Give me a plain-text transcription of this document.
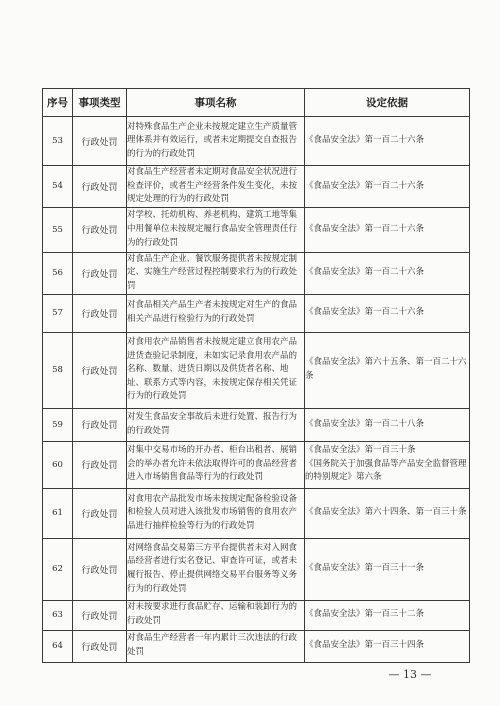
序号	事项类型	事项名称	设定依据
53	行政处罚	对特殊食品生产企业未按规定建立生产质量管理体系并有效运行，或者未定期提交自查报告的行为的行政处罚	《食品安全法》第一百二十六条
54	行政处罚	对食品生产经营者未定期对食品安全状况进行检查评价，或者生产经营条件发生变化，未按规定处理的行为的行政处罚	《食品安全法》第一百二十六条
55	行政处罚	对学校、托幼机构、养老机构、建筑工地等集中用餐单位未按规定履行食品安全管理责任行为的行政处罚	《食品安全法》第一百二十六条
56	行政处罚	对食品生产企业、餐饮服务提供者未按规定制定、实施生产经营过程控制要求行为的行政处罚	《食品安全法》第一百二十六条
57	行政处罚	对食品相关产品生产者未按规定对生产的食品相关产品进行检验行为的行政处罚	《食品安全法》第一百二十六条
58	行政处罚	对食用农产品销售者未按规定建立食用农产品进货查验记录制度，未如实记录食用农产品的名称、数量、进货日期以及供货者名称、地址、联系方式等内容，未按规定保存相关凭证行为的行政处罚	《食品安全法》第六十五条、第一百二十六条
59	行政处罚	对发生食品安全事故后未进行处置、报告行为的行政处罚	《食品安全法》第一百二十八条
60	行政处罚	对集中交易市场的开办者、柜台出租者、展销会的举办者允许未依法取得许可的食品经营者进入市场销售食品等行为的行政处罚	《食品安全法》第一百三十条
《国务院关于加强食品等产品安全监督管理的特别规定》第六条
61	行政处罚	对食用农产品批发市场未按规定配备检验设备和检验人员对进入该批发市场销售的食用农产品进行抽样检验等行为的行政处罚	《食品安全法》第六十四条、第一百三十条
62	行政处罚	对网络食品交易第三方平台提供者未对入网食品经营者进行实名登记、审查许可证，或者未履行报告、停止提供网络交易平台服务等义务行为的行政处罚	《食品安全法》第一百三十一条
63	行政处罚	对未按要求进行食品贮存、运输和装卸行为的行政处罚	《食品安全法》第一百三十二条
64	行政处罚	对食品生产经营者一年内累计三次违法的行政处罚	《食品安全法》第一百三十四条
— 13 —
